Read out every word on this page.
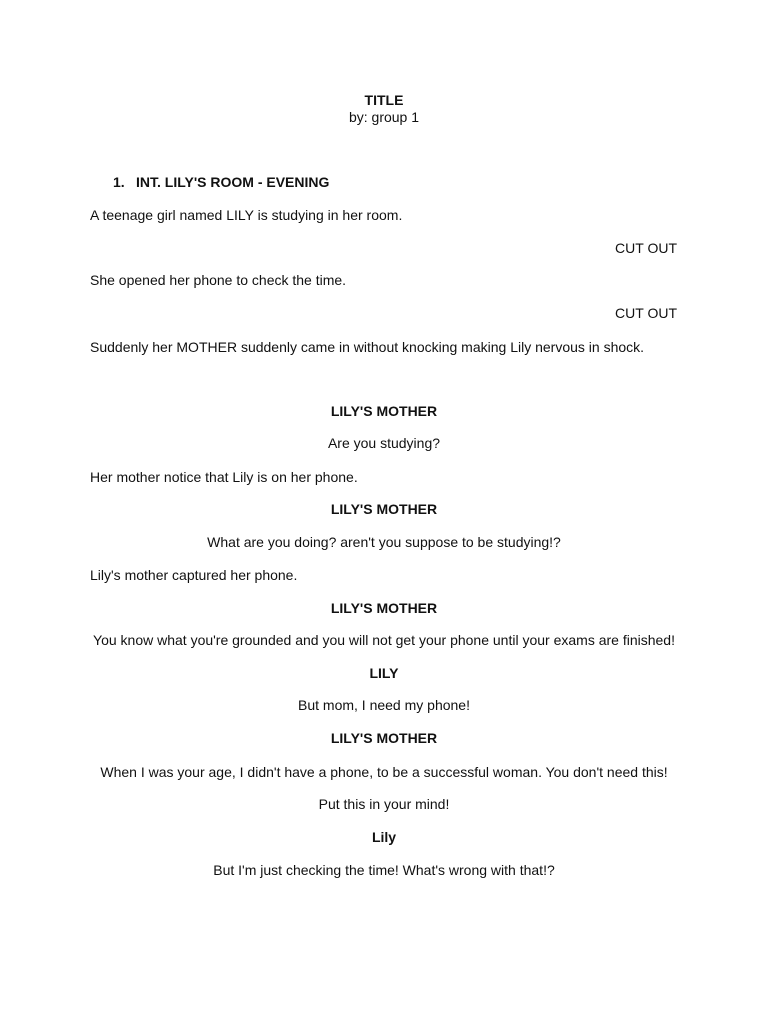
TITLE
by: group 1
1. INT. LILY'S ROOM - EVENING
A teenage girl named LILY is studying in her room.
CUT OUT
She opened her phone to check the time.
CUT OUT
Suddenly her MOTHER suddenly came in without knocking making Lily nervous in shock.
LILY'S MOTHER
Are you studying?
Her mother notice that Lily is on her phone.
LILY'S MOTHER
What are you doing? aren't you suppose to be studying!?
Lily's mother captured her phone.
LILY'S MOTHER
You know what you're grounded and you will not get your phone until your exams are finished!
LILY
But mom, I need my phone!
LILY'S MOTHER
When I was your age, I didn't have a phone, to be a successful woman. You don't need this!
Put this in your mind!
Lily
But I'm just checking the time! What's wrong with that!?
